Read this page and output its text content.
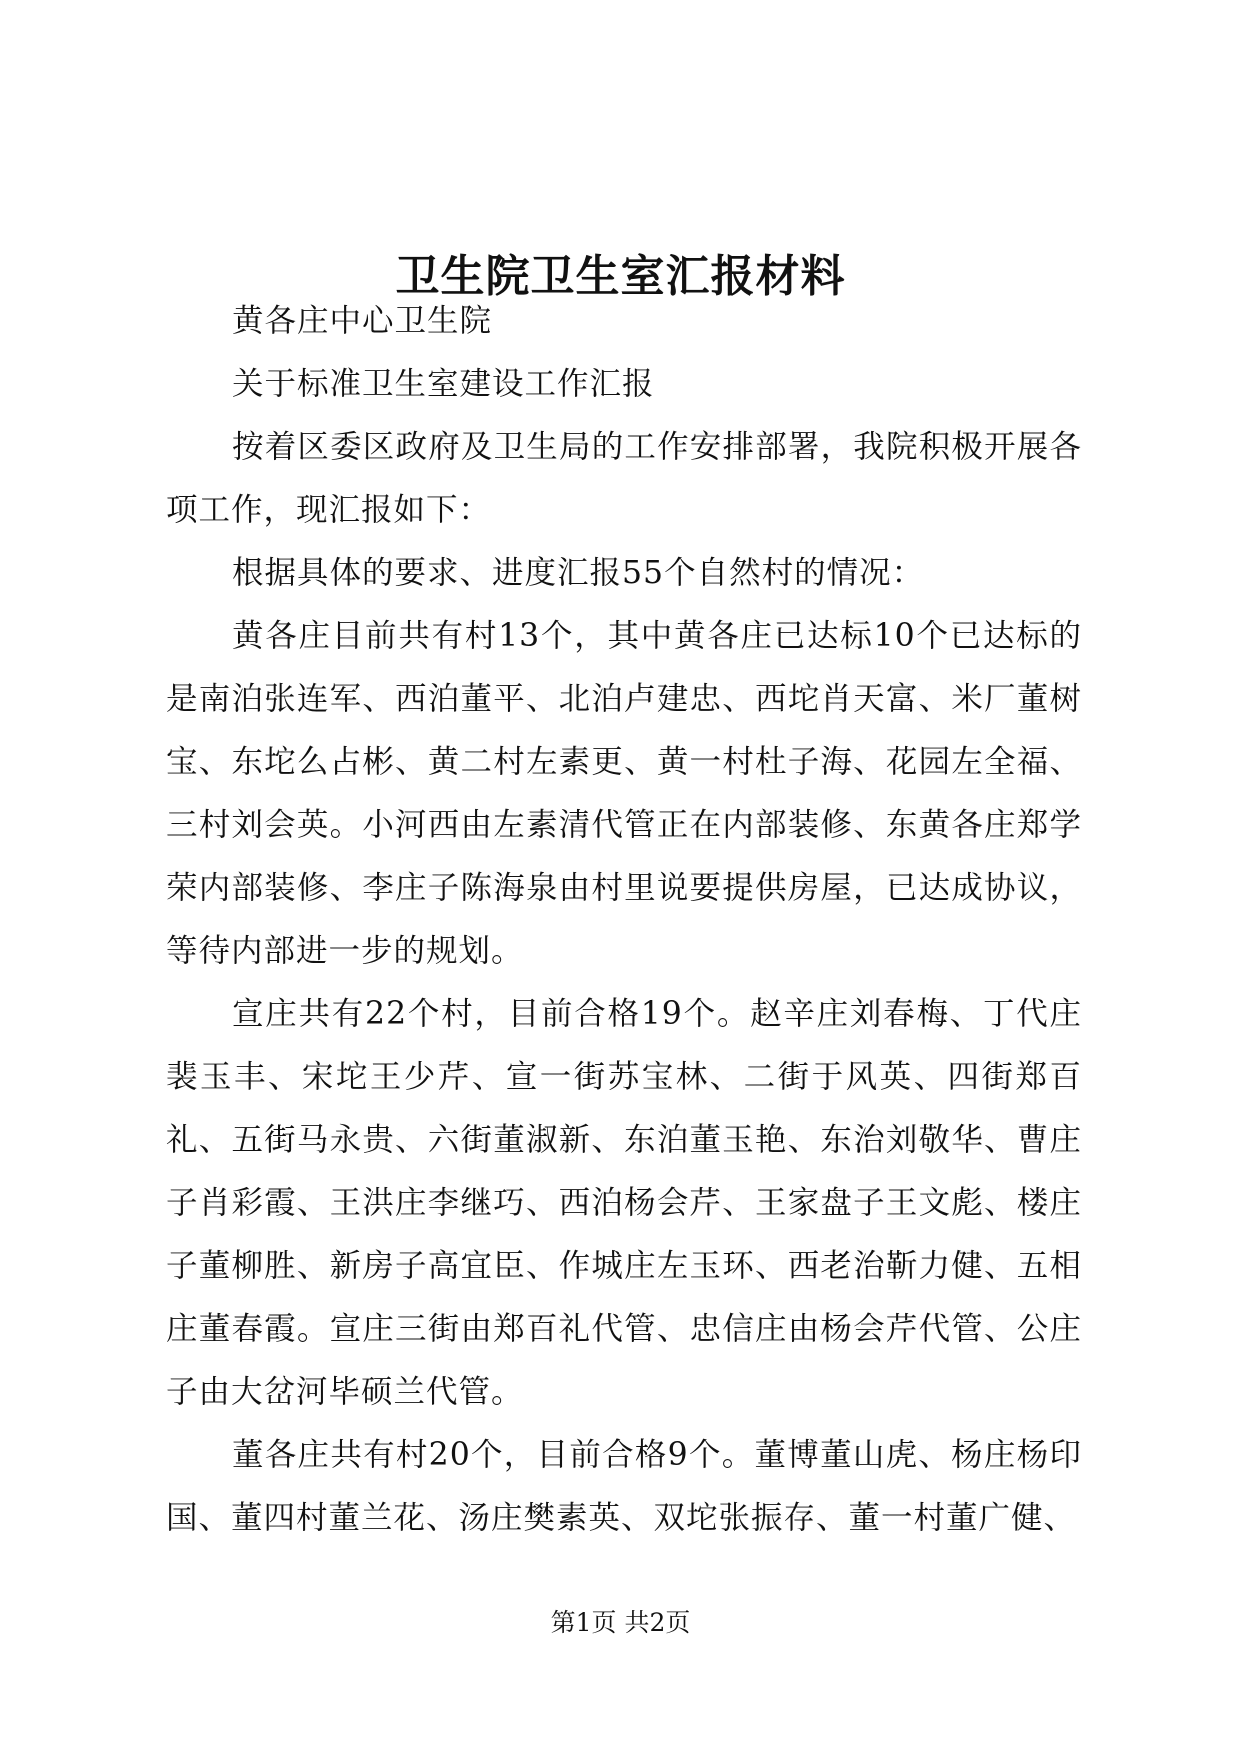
卫生院卫生室汇报材料

黄各庄中心卫生院

关于标准卫生室建设工作汇报

按着区委区政府及卫生局的工作安排部署，我院积极开展各项工作，现汇报如下：

根据具体的要求、进度汇报55个自然村的情况：

黄各庄目前共有村13个，其中黄各庄已达标10个已达标的是南泊张连军、西泊董平、北泊卢建忠、西坨肖天富、米厂董树宝、东坨么占彬、黄二村左素更、黄一村杜子海、花园左全福、三村刘会英。小河西由左素清代管正在内部装修、东黄各庄郑学荣内部装修、李庄子陈海泉由村里说要提供房屋，已达成协议，等待内部进一步的规划。

宣庄共有22个村，目前合格19个。赵辛庄刘春梅、丁代庄裴玉丰、宋坨王少芹、宣一街苏宝林、二街于风英、四街郑百礼、五街马永贵、六街董淑新、东泊董玉艳、东治刘敬华、曹庄子肖彩霞、王洪庄李继巧、西泊杨会芹、王家盘子王文彪、楼庄子董柳胜、新房子高宜臣、作城庄左玉环、西老治靳力健、五相庄董春霞。宣庄三街由郑百礼代管、忠信庄由杨会芹代管、公庄子由大岔河毕硕兰代管。

董各庄共有村20个，目前合格9个。董博董山虎、杨庄杨印国、董四村董兰花、汤庄樊素英、双坨张振存、董一村董广健、

第1页 共2页
